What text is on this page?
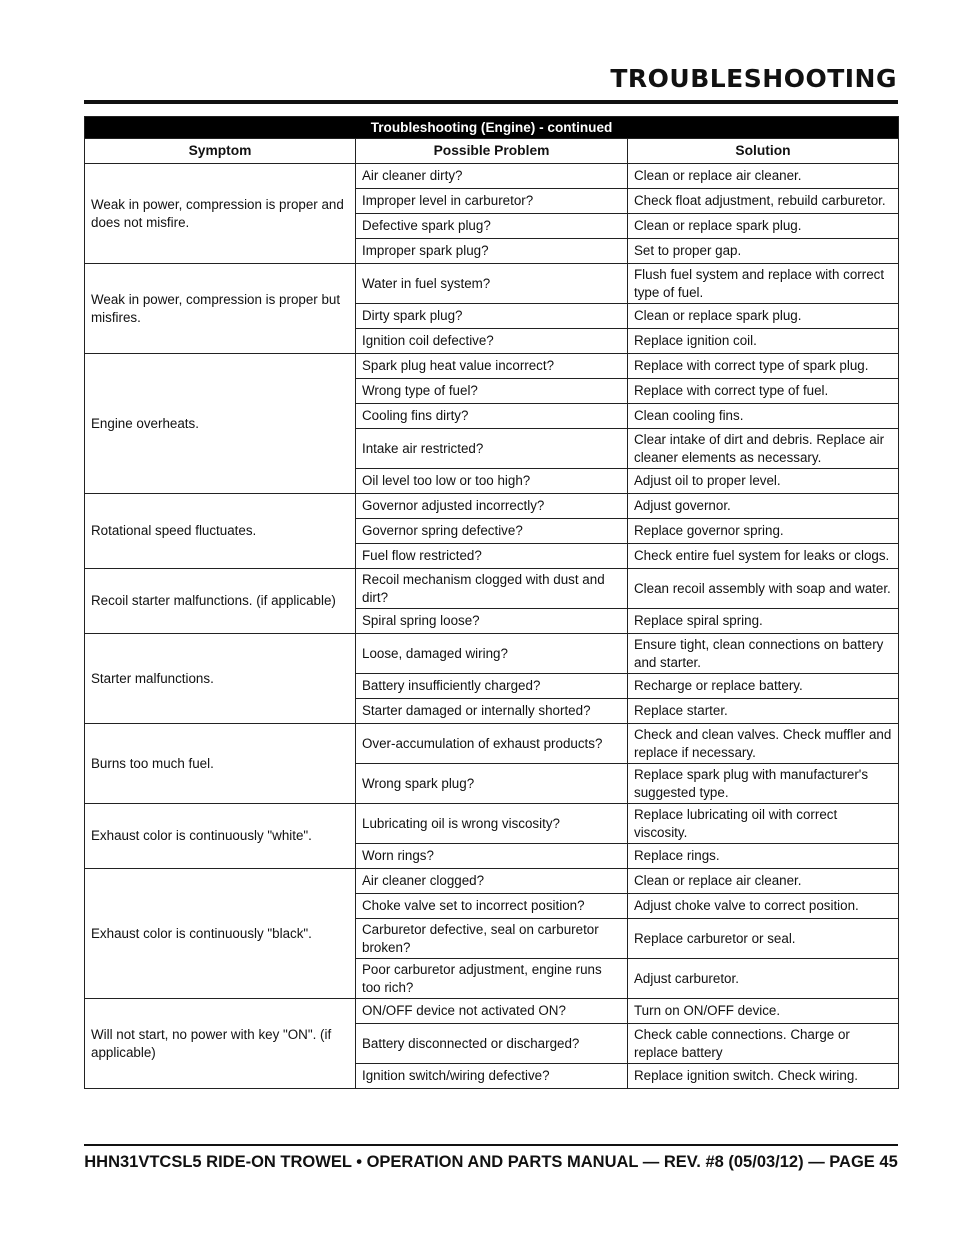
TROUBLESHOOTING
Troubleshooting (Engine) - continued		
Symptom	Possible Problem	Solution
Weak in power, compression is proper and does not misfire.	Air cleaner dirty?	Clean or replace air cleaner.
	Improper level in carburetor?	Check float adjustment, rebuild carburetor.
	Defective spark plug?	Clean or replace spark plug.
	Improper spark plug?	Set to proper gap.
Weak in power, compression is proper but misfires.	Water in fuel system?	Flush fuel system and replace with correct type of fuel.
	Dirty spark plug?	Clean or replace spark plug.
	Ignition coil defective?	Replace ignition coil.
Engine overheats.	Spark plug heat value incorrect?	Replace with correct type of spark plug.
	Wrong type of fuel?	Replace with correct type of fuel.
	Cooling fins dirty?	Clean cooling fins.
	Intake air restricted?	Clear intake of dirt and debris. Replace air cleaner elements as necessary.
	Oil level too low or too high?	Adjust oil to proper level.
Rotational speed fluctuates.	Governor adjusted incorrectly?	Adjust governor.
	Governor spring defective?	Replace governor spring.
	Fuel flow restricted?	Check entire fuel system for leaks or clogs.
Recoil starter malfunctions. (if applicable)	Recoil mechanism clogged with dust and dirt?	Clean recoil assembly with soap and water.
	Spiral spring loose?	Replace spiral spring.
Starter malfunctions.	Loose, damaged wiring?	Ensure tight, clean connections on battery and starter.
	Battery insufficiently charged?	Recharge or replace battery.
	Starter damaged or internally shorted?	Replace starter.
Burns too much fuel.	Over-accumulation of exhaust products?	Check and clean valves. Check muffler and replace if necessary.
	Wrong spark plug?	Replace spark plug with manufacturer's suggested type.
Exhaust color is continuously "white".	Lubricating oil is wrong viscosity?	Replace lubricating oil with correct viscosity.
	Worn rings?	Replace rings.
Exhaust color is continuously "black".	Air cleaner clogged?	Clean or replace air cleaner.
	Choke valve set to incorrect position?	Adjust choke valve to correct position.
	Carburetor defective, seal on carburetor broken?	Replace carburetor or seal.
	Poor carburetor adjustment, engine runs too rich?	Adjust carburetor.
Will not start, no power with key "ON". (if applicable)	ON/OFF device not activated ON?	Turn on ON/OFF device.
	Battery disconnected or discharged?	Check cable connections. Charge or replace battery
	Ignition switch/wiring defective?	Replace ignition switch. Check wiring.

HHN31VTCSL5 RIDE-ON TROWEL • OPERATION AND PARTS MANUAL — REV. #8 (05/03/12) — PAGE 45
